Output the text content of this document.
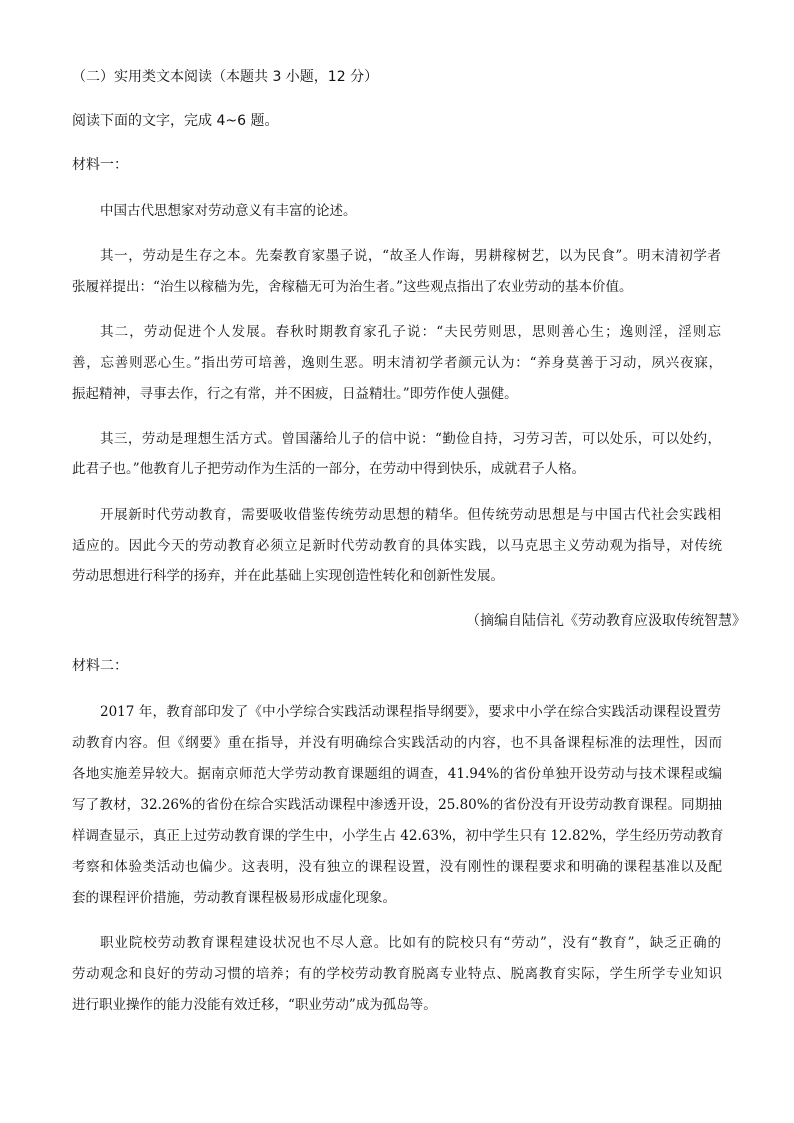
（二）实用类文本阅读（本题共 3 小题，12 分）
阅读下面的文字，完成 4~6 题。
材料一：
中国古代思想家对劳动意义有丰富的论述。
其一，劳动是生存之本。先秦教育家墨子说，“故圣人作诲，男耕稼树艺，以为民食”。明末清初学者
张履祥提出：“治生以稼穑为先，舍稼穑无可为治生者。”这些观点指出了农业劳动的基本价值。
其二，劳动促进个人发展。春秋时期教育家孔子说：“夫民劳则思，思则善心生；逸则淫，淫则忘
善，忘善则恶心生。”指出劳可培善，逸则生恶。明末清初学者颜元认为：“养身莫善于习动，夙兴夜寐，
振起精神，寻事去作，行之有常，并不困疲，日益精壮。”即劳作使人强健。
其三，劳动是理想生活方式。曾国藩给儿子的信中说：“勤俭自持，习劳习苦，可以处乐，可以处约，
此君子也。”他教育儿子把劳动作为生活的一部分，在劳动中得到快乐，成就君子人格。
开展新时代劳动教育，需要吸收借鉴传统劳动思想的精华。但传统劳动思想是与中国古代社会实践相
适应的。因此今天的劳动教育必须立足新时代劳动教育的具体实践，以马克思主义劳动观为指导，对传统
劳动思想进行科学的扬弃，并在此基础上实现创造性转化和创新性发展。
（摘编自陆信礼《劳动教育应汲取传统智慧》
材料二：
2017 年，教育部印发了《中小学综合实践活动课程指导纲要》，要求中小学在综合实践活动课程设置劳
动教育内容。但《纲要》重在指导，并没有明确综合实践活动的内容，也不具备课程标准的法理性，因而
各地实施差异较大。据南京师范大学劳动教育课题组的调查，41.94%的省份单独开设劳动与技术课程或编
写了教材，32.26%的省份在综合实践活动课程中渗透开设，25.80%的省份没有开设劳动教育课程。同期抽
样调查显示，真正上过劳动教育课的学生中，小学生占 42.63%，初中学生只有 12.82%，学生经历劳动教育
考察和体验类活动也偏少。这表明，没有独立的课程设置，没有刚性的课程要求和明确的课程基准以及配
套的课程评价措施，劳动教育课程极易形成虚化现象。
职业院校劳动教育课程建设状况也不尽人意。比如有的院校只有“劳动”，没有“教育”，缺乏正确的
劳动观念和良好的劳动习惯的培养；有的学校劳动教育脱离专业特点、脱离教育实际，学生所学专业知识
进行职业操作的能力没能有效迁移，“职业劳动”成为孤岛等。
